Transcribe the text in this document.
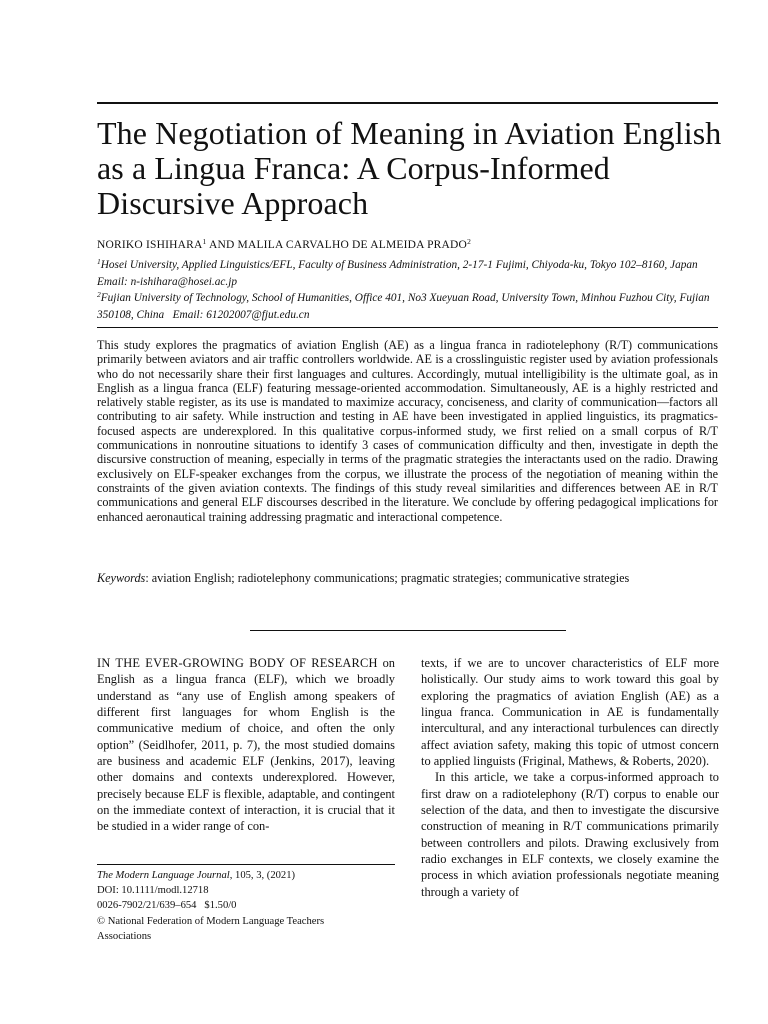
The Negotiation of Meaning in Aviation English as a Lingua Franca: A Corpus-Informed Discursive Approach
NORIKO ISHIHARA$^1$ AND MALILA CARVALHO DE ALMEIDA PRADO$^2$
$^1$Hosei University, Applied Linguistics/EFL, Faculty of Business Administration, 2-17-1 Fujimi, Chiyoda-ku, Tokyo 102–8160, Japan   Email: n-ishihara@hosei.ac.jp
$^2$Fujian University of Technology, School of Humanities, Office 401, No3 Xueyuan Road, University Town, Minhou Fuzhou City, Fujian 350108, China   Email: 61202007@fjut.edu.cn

This study explores the pragmatics of aviation English (AE) as a lingua franca in radiotelephony (R/T) communications primarily between aviators and air traffic controllers worldwide. AE is a crosslinguistic register used by aviation professionals who do not necessarily share their first languages and cultures. Accordingly, mutual intelligibility is the ultimate goal, as in English as a lingua franca (ELF) featuring message-oriented accommodation. Simultaneously, AE is a highly restricted and relatively stable register, as its use is mandated to maximize accuracy, conciseness, and clarity of communication—factors all contributing to air safety. While instruction and testing in AE have been investigated in applied linguistics, its pragmatics-focused aspects are underexplored. In this qualitative corpus-informed study, we first relied on a small corpus of R/T communications in nonroutine situations to identify 3 cases of communication difficulty and then, investigate in depth the discursive construction of meaning, especially in terms of the pragmatic strategies the interactants used on the radio. Drawing exclusively on ELF-speaker exchanges from the corpus, we illustrate the process of the negotiation of meaning within the constraints of the given aviation contexts. The findings of this study reveal similarities and differences between AE in R/T communications and general ELF discourses described in the literature. We conclude by offering pedagogical implications for enhanced aeronautical training addressing pragmatic and interactional competence.

Keywords: aviation English; radiotelephony communications; pragmatic strategies; communicative strategies

IN THE EVER-GROWING BODY OF RESEARCH on English as a lingua franca (ELF), which we broadly understand as “any use of English among speakers of different first languages for whom English is the communicative medium of choice, and often the only option” (Seidlhofer, 2011, p. 7), the most studied domains are business and academic ELF (Jenkins, 2017), leaving other domains and contexts underexplored. However, precisely because ELF is flexible, adaptable, and contingent on the immediate context of interaction, it is crucial that it be studied in a wider range of con-

texts, if we are to uncover characteristics of ELF more holistically. Our study aims to work toward this goal by exploring the pragmatics of aviation English (AE) as a lingua franca. Communication in AE is fundamentally intercultural, and any interactional turbulences can directly affect aviation safety, making this topic of utmost concern to applied linguists (Friginal, Mathews, & Roberts, 2020).

In this article, we take a corpus-informed approach to first draw on a radiotelephony (R/T) corpus to enable our selection of the data, and then to investigate the discursive construction of meaning in R/T communications primarily between controllers and pilots. Drawing exclusively from radio exchanges in ELF contexts, we closely examine the process in which aviation professionals negotiate meaning through a variety of

The Modern Language Journal, 105, 3, (2021)
DOI: 10.1111/modl.12718
0026-7902/21/639–654   $1.50/0
© National Federation of Modern Language Teachers
Associations
